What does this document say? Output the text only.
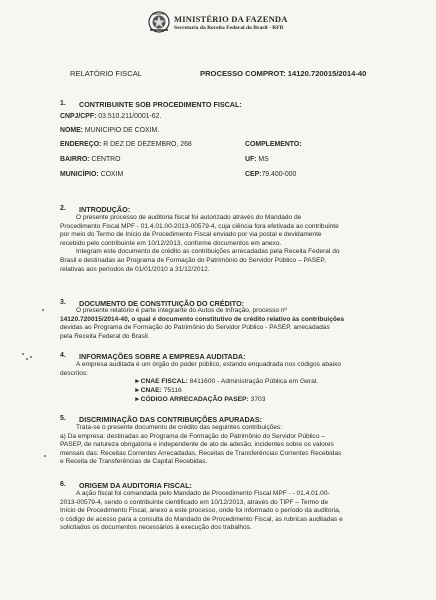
MINISTÉRIO DA FAZENDA
Secretaria da Receita Federal do Brasil - RFB
RELATÓRIO FISCAL	PROCESSO COMPROT: 14120.720015/2014-40
1. CONTRIBUINTE SOB PROCEDIMENTO FISCAL:
CNPJ/CPF: 03.510.211/0001-62.
NOME: MUNICIPIO DE COXIM.
ENDEREÇO: R DEZ DE DEZEMBRO, 268	COMPLEMENTO:
BAIRRO: CENTRO	UF: MS
MUNICÍPIO: COXIM	CEP:79.400-000
2. INTRODUÇÃO:

O presente processo de auditoria fiscal foi autorizado através do Mandado de

Procedimento Fiscal MPF - 01.4.01.00-2013-00579-4, cuja ciência fora efetivada ao contribuinte

por meio do Termo de Início de Procedimento Fiscal enviado por via postal e devidamente

recebido pelo contribuinte em 10/12/2013, conforme documentos em anexo.

Integram este documento de crédito as contribuições arrecadadas pela Receita Federal do

Brasil e destinadas ao Programa de Formação do Patrimônio do Servidor Público – PASEP,

relativas aos períodos de 01/01/2010 a 31/12/2012.

3. DOCUMENTO DE CONSTITUIÇÃO DO CRÉDITO:

O presente relatório é parte integrante do Autos de Infração, processo nº

14120.720015/2014-40, o qual é documento constitutivo de crédito relativo às contribuições

devidas ao Programa de Formação do Patrimônio do Servidor Público - PASEP, arrecadadas

pela Receita Federal do Brasil.

4. INFORMAÇÕES SOBRE A EMPRESA AUDITADA:

A empresa auditada é um órgão do poder público, estando enquadrada nos códigos abaixo

descritos:

►CNAE FISCAL: 8411600 - Administração Pública em Geral.
►CNAE: 75116
►CÓDIGO ARRECADAÇÃO PASEP: 3703
5. DISCRIMINAÇÃO DAS CONTRIBUIÇÕES APURADAS:

Trata-se o presente documento de crédito das seguintes contribuições:

a) Da empresa: destinadas ao Programa de Formação do Patrimônio do Servidor Público –

PASEP, de natureza obrigatória e independente de ato de adesão, incidentes sobre os valores

mensais das: Receitas Correntes Arrecadadas, Receitas de Transferências Correntes Recebidas

e Receita de Transferências de Capital Recebidas.

6. ORIGEM DA AUDITORIA FISCAL:

A ação fiscal foi comandada pelo Mandado de Procedimento Fiscal MPF - - 01.4.01.00-

2013-00579-4, sendo o contribuinte cientificado em 10/12/2013, através do TIPF – Termo de

Início de Procedimento Fiscal, anexo a este processo, onde foi informado o período da auditoria,

o código de acesso para a consulta do Mandado de Procedimento Fiscal, as rubricas auditadas e

solicitados os documentos necessários à execução dos trabalhos.
